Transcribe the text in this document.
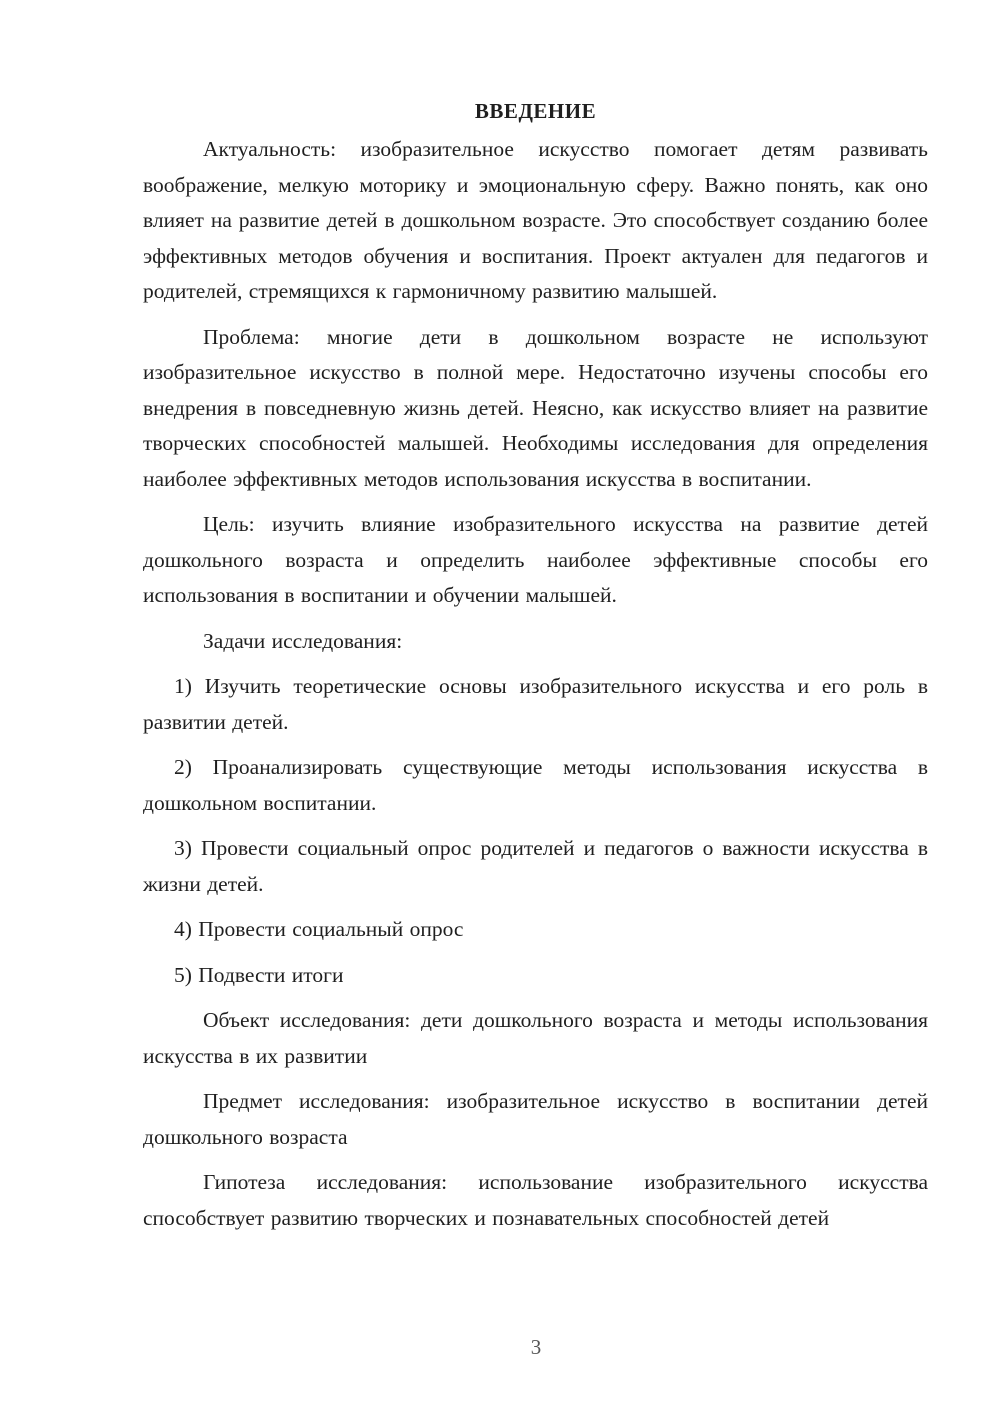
ВВЕДЕНИЕ

Актуальность: изобразительное искусство помогает детям развивать воображение, мелкую моторику и эмоциональную сферу. Важно понять, как оно влияет на развитие детей в дошкольном возрасте. Это способствует созданию более эффективных методов обучения и воспитания. Проект актуален для педагогов и родителей, стремящихся к гармоничному развитию малышей.

Проблема: многие дети в дошкольном возрасте не используют изобразительное искусство в полной мере. Недостаточно изучены способы его внедрения в повседневную жизнь детей. Неясно, как искусство влияет на развитие творческих способностей малышей. Необходимы исследования для определения наиболее эффективных методов использования искусства в воспитании.

Цель: изучить влияние изобразительного искусства на развитие детей дошкольного возраста и определить наиболее эффективные способы его использования в воспитании и обучении малышей.

Задачи исследования:

1) Изучить теоретические основы изобразительного искусства и его роль в развитии детей.

2) Проанализировать существующие методы использования искусства в дошкольном воспитании.

3) Провести социальный опрос родителей и педагогов о важности искусства в жизни детей.

4) Провести социальный опрос

5) Подвести итоги

Объект исследования: дети дошкольного возраста и методы использования искусства в их развитии

Предмет исследования: изобразительное искусство в воспитании детей дошкольного возраста

Гипотеза исследования: использование изобразительного искусства способствует развитию творческих и познавательных способностей детей

3
